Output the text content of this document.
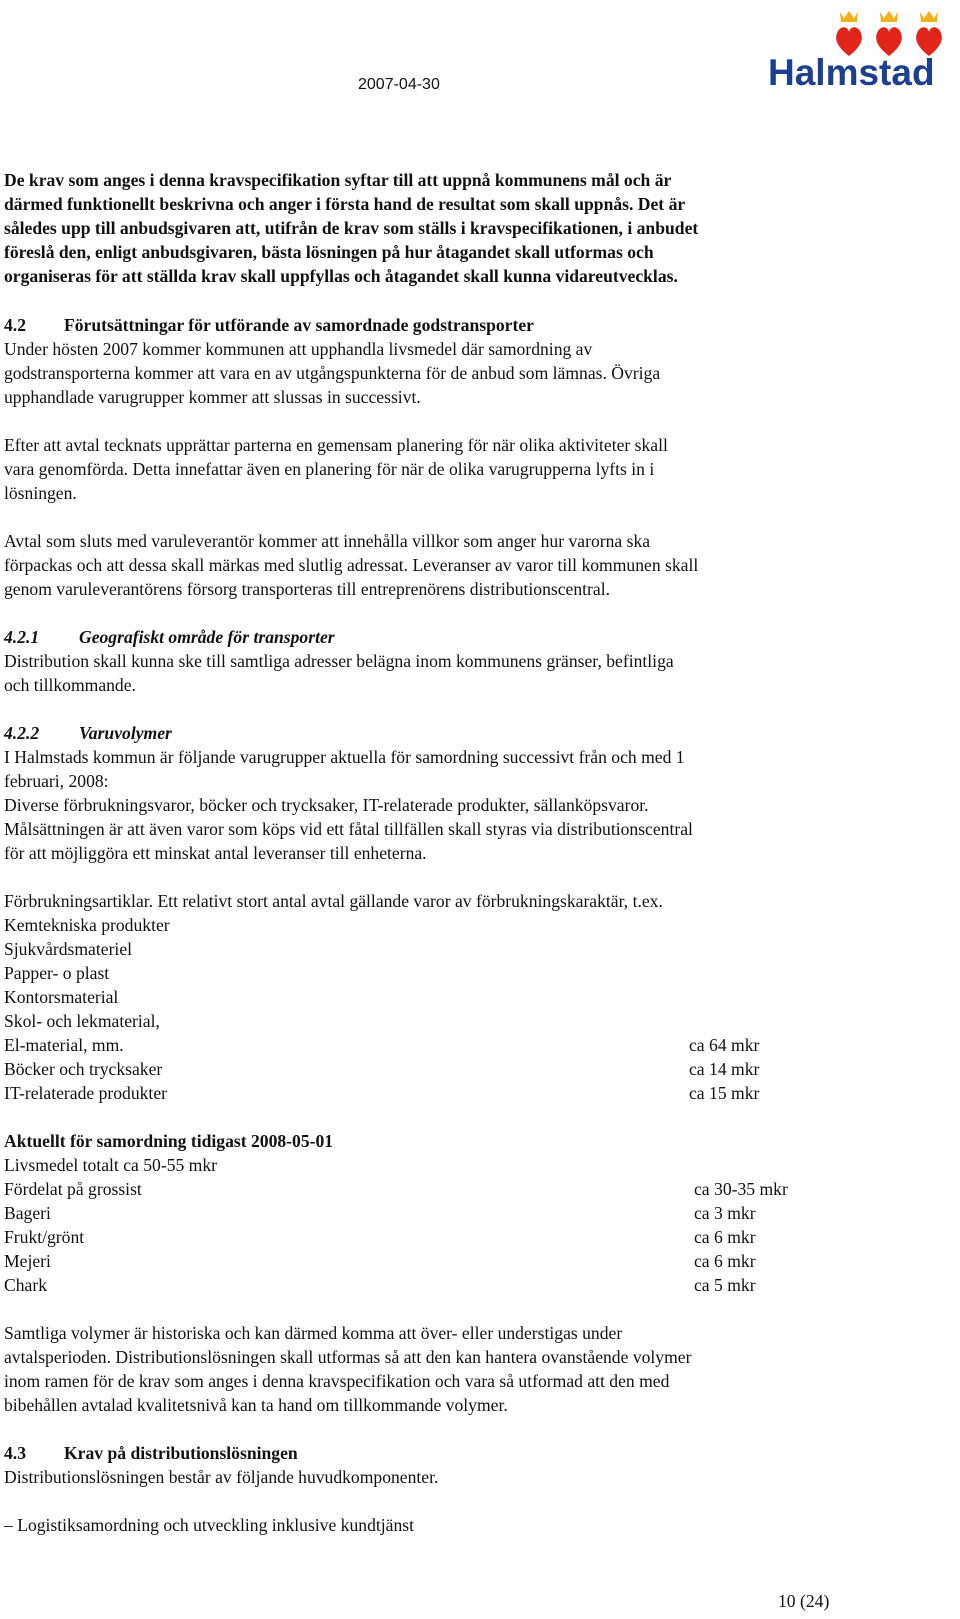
2007-04-30	Halmstad
De krav som anges i denna kravspecifikation syftar till att uppnå kommunens mål och är
därmed funktionellt beskrivna och anger i första hand de resultat som skall uppnås. Det är
således upp till anbudsgivaren att, utifrån de krav som ställs i kravspecifikationen, i anbudet
föreslå den, enligt anbudsgivaren, bästa lösningen på hur åtagandet skall utformas och
organiseras för att ställda krav skall uppfyllas och åtagandet skall kunna vidareutvecklas.
4.2 Förutsättningar för utförande av samordnade godstransporter
Under hösten 2007 kommer kommunen att upphandla livsmedel där samordning av
godstransporterna kommer att vara en av utgångspunkterna för de anbud som lämnas. Övriga
upphandlade varugrupper kommer att slussas in successivt.
Efter att avtal tecknats upprättar parterna en gemensam planering för när olika aktiviteter skall
vara genomförda. Detta innefattar även en planering för när de olika varugrupperna lyfts in i
lösningen.
Avtal som sluts med varuleverantör kommer att innehålla villkor som anger hur varorna ska
förpackas och att dessa skall märkas med slutlig adressat. Leveranser av varor till kommunen skall
genom varuleverantörens försorg transporteras till entreprenörens distributionscentral.
4.2.1 Geografiskt område för transporter
Distribution skall kunna ske till samtliga adresser belägna inom kommunens gränser, befintliga
och tillkommande.
4.2.2 Varuvolymer
I Halmstads kommun är följande varugrupper aktuella för samordning successivt från och med 1
februari, 2008:
Diverse förbrukningsvaror, böcker och trycksaker, IT-relaterade produkter, sällanköpsvaror.
Målsättningen är att även varor som köps vid ett fåtal tillfällen skall styras via distributionscentral
för att möjliggöra ett minskat antal leveranser till enheterna.
Förbrukningsartiklar. Ett relativt stort antal avtal gällande varor av förbrukningskaraktär, t.ex.
Kemtekniska produkter
Sjukvårdsmateriel
Papper- o plast
Kontorsmaterial
Skol- och lekmaterial,
El-material, mm.	ca 64 mkr
Böcker och trycksaker	ca 14 mkr
IT-relaterade produkter	ca 15 mkr
Aktuellt för samordning tidigast 2008-05-01
Livsmedel totalt ca 50-55 mkr
Fördelat på grossist	ca 30-35 mkr
Bageri	ca 3 mkr
Frukt/grönt	ca 6 mkr
Mejeri	ca 6 mkr
Chark	ca 5 mkr
Samtliga volymer är historiska och kan därmed komma att över- eller understigas under
avtalsperioden. Distributionslösningen skall utformas så att den kan hantera ovanstående volymer
inom ramen för de krav som anges i denna kravspecifikation och vara så utformad att den med
bibehållen avtalad kvalitetsnivå kan ta hand om tillkommande volymer.
4.3 Krav på distributionslösningen
Distributionslösningen består av följande huvudkomponenter.
– Logistiksamordning och utveckling inklusive kundtjänst
10 (24)
